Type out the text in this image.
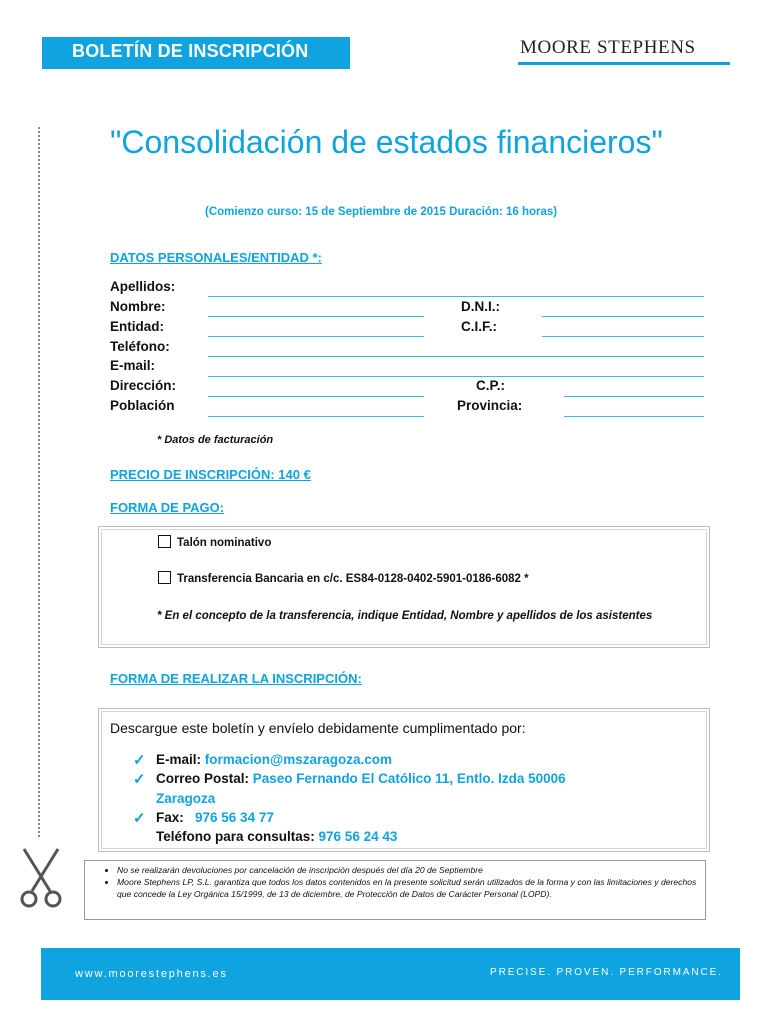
BOLETÍN DE INSCRIPCIÓN	MOORE STEPHENS
"Consolidación de estados financieros"
(Comienzo curso: 15 de Septiembre de 2015 Duración: 16 horas)
DATOS PERSONALES/ENTIDAD *:
Apellidos:
Nombre:	D.N.I.:
Entidad:	C.I.F.:
Teléfono:
E-mail:
Dirección:	C.P.:
Población	Provincia:
* Datos de facturación
PRECIO DE INSCRIPCIÓN: 140 €
FORMA DE PAGO:
Talón nominativo
Transferencia Bancaria en c/c. ES84-0128-0402-5901-0186-6082 *
* En el concepto de la transferencia, indique Entidad, Nombre y apellidos de los asistentes
FORMA DE REALIZAR LA INSCRIPCIÓN:
Descargue este boletín y envíelo debidamente cumplimentado por:
✓ E-mail: formacion@mszaragoza.com
✓ Correo Postal: Paseo Fernando El Católico 11, Entlo. Izda 50006
Zaragoza
✓ Fax:   976 56 34 77
Teléfono para consultas: 976 56 24 43
• No se realizarán devoluciones por cancelación de inscripción después del día 20 de Septiembre
• Moore Stephens LP, S.L. garantiza que todos los datos contenidos en la presente solicitud serán utilizados de la forma y con las limitaciones y derechos que concede la Ley Orgánica 15/1999, de 13 de diciembre, de Protección de Datos de Carácter Personal (LOPD).
www.moorestephens.es	PRECISE. PROVEN. PERFORMANCE.
